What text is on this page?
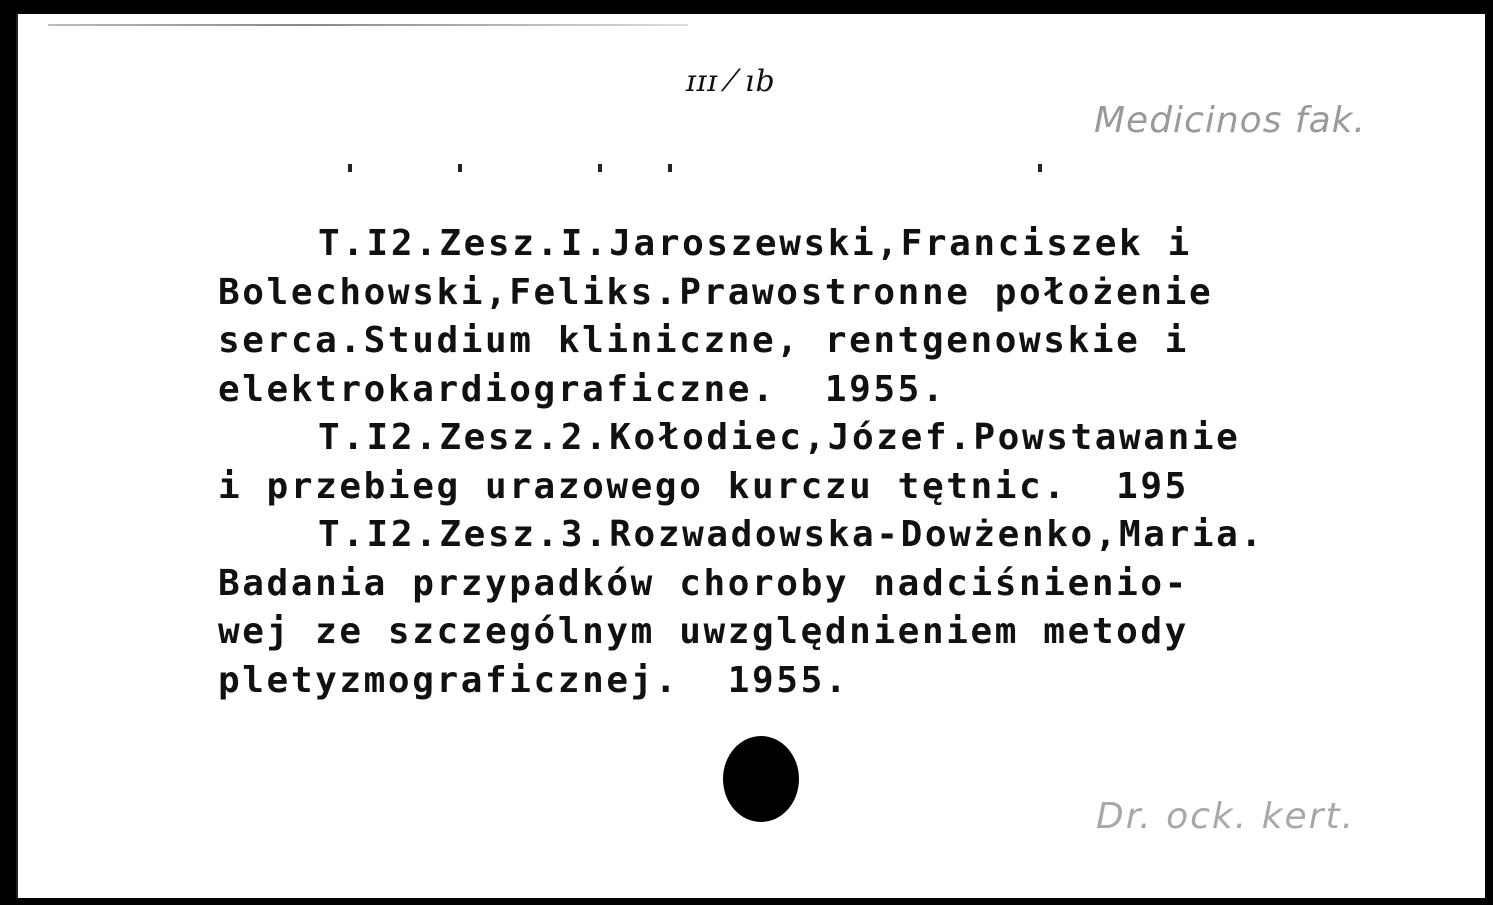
ɪɪɪ ⁄ ıb
Medicinos fak.
T.I2.Zesz.I.Jaroszewski,Franciszek i
Bolechowski,Feliks.Prawostronne położenie
serca.Studium kliniczne, rentgenowskie i
elektrokardiograficzne.  1955.
T.I2.Zesz.2.Kołodiec,Józef.Powstawanie
i przebieg urazowego kurczu tętnic.  195
T.I2.Zesz.3.Rozwadowska-Dowżenko,Maria.
Badania przypadków choroby nadciśnienio-
wej ze szczególnym uwzględnieniem metody
pletyzmograficznej.  1955.
Dr. ock. kert.
